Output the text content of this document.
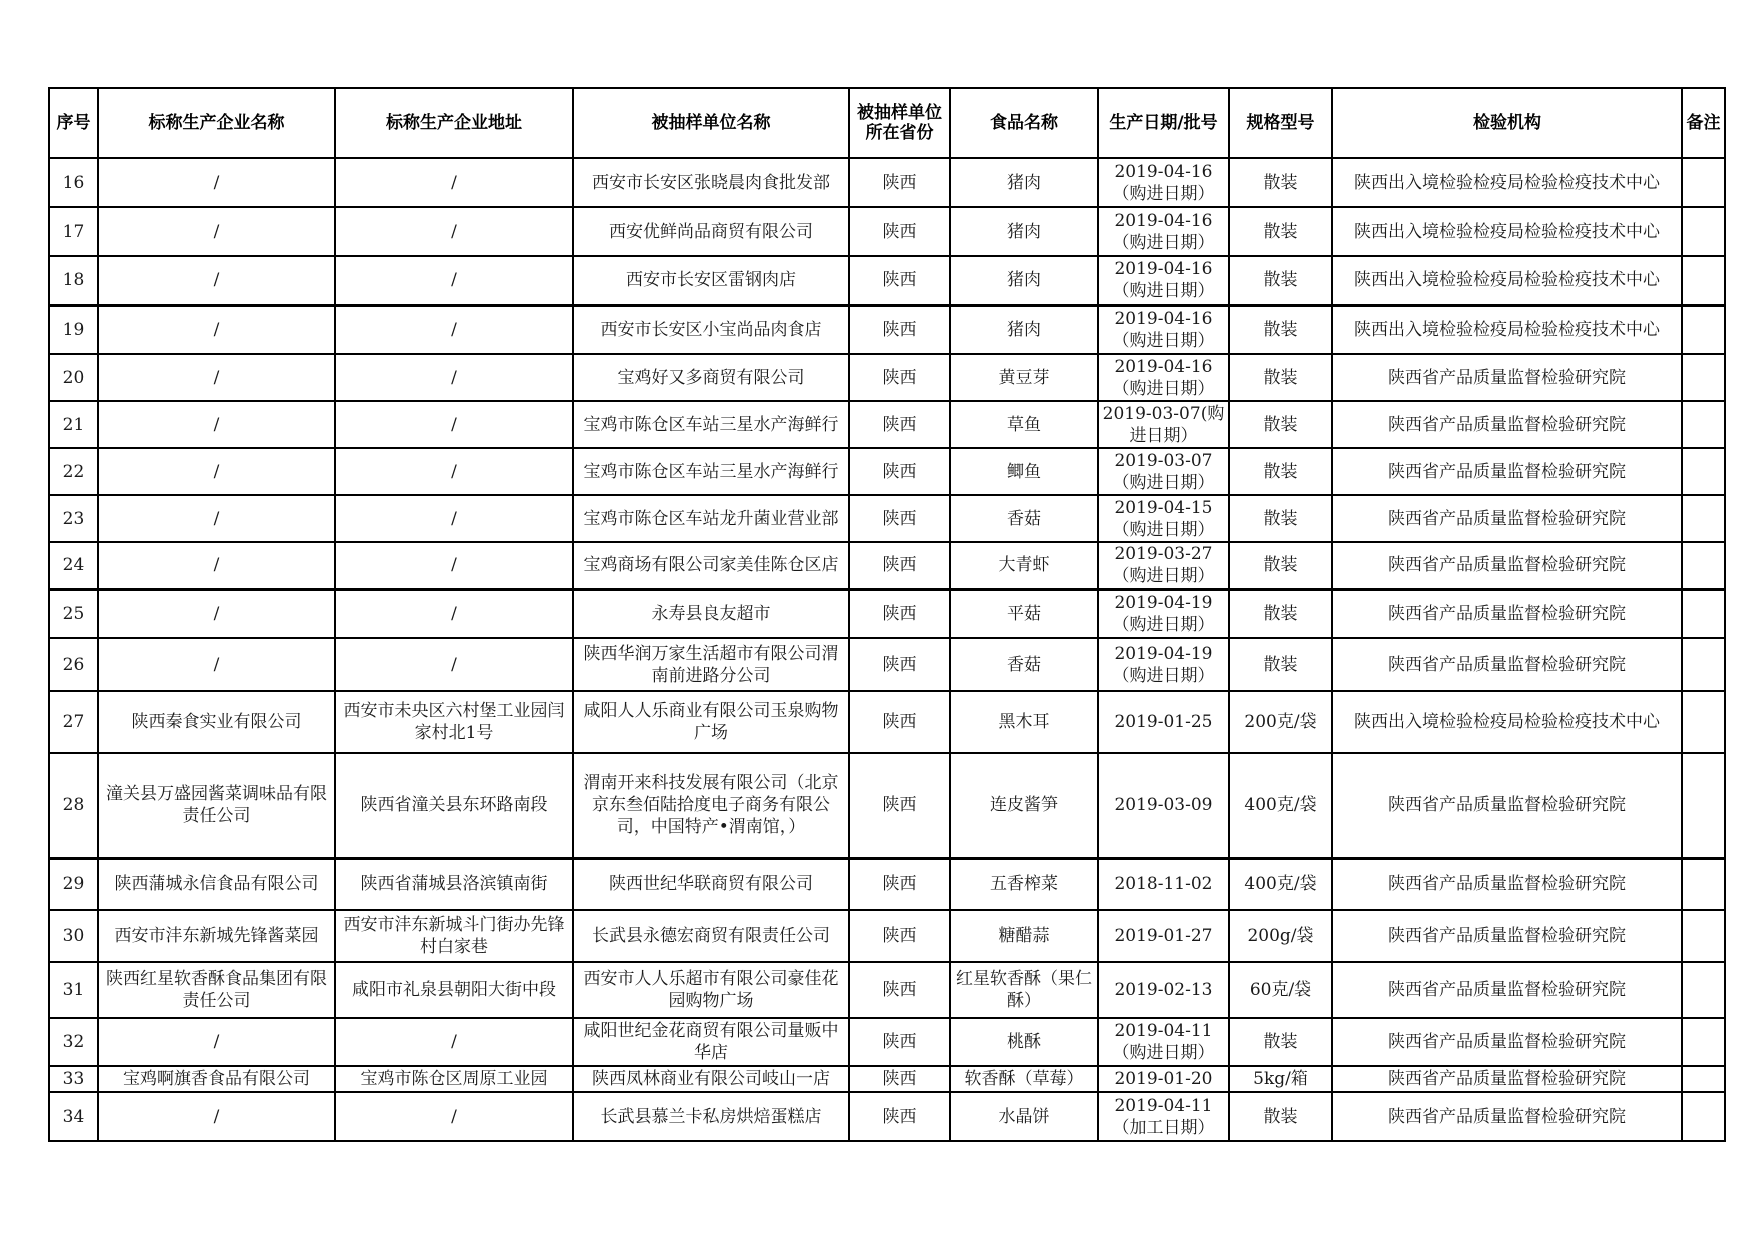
序号	标称生产企业名称	标称生产企业地址	被抽样单位名称	被抽样单位所在省份	食品名称	生产日期/批号	规格型号	检验机构	备注
16	/	/	西安市长安区张晓晨肉食批发部	陕西	猪肉	2019-04-16（购进日期）	散装	陕西出入境检验检疫局检验检疫技术中心	
17	/	/	西安优鲜尚品商贸有限公司	陕西	猪肉	2019-04-16（购进日期）	散装	陕西出入境检验检疫局检验检疫技术中心	
18	/	/	西安市长安区雷钢肉店	陕西	猪肉	2019-04-16（购进日期）	散装	陕西出入境检验检疫局检验检疫技术中心	
19	/	/	西安市长安区小宝尚品肉食店	陕西	猪肉	2019-04-16（购进日期）	散装	陕西出入境检验检疫局检验检疫技术中心	
20	/	/	宝鸡好又多商贸有限公司	陕西	黄豆芽	2019-04-16（购进日期）	散装	陕西省产品质量监督检验研究院	
21	/	/	宝鸡市陈仓区车站三星水产海鲜行	陕西	草鱼	2019-03-07(购进日期）	散装	陕西省产品质量监督检验研究院	
22	/	/	宝鸡市陈仓区车站三星水产海鲜行	陕西	鲫鱼	2019-03-07（购进日期）	散装	陕西省产品质量监督检验研究院	
23	/	/	宝鸡市陈仓区车站龙升菌业营业部	陕西	香菇	2019-04-15（购进日期）	散装	陕西省产品质量监督检验研究院	
24	/	/	宝鸡商场有限公司家美佳陈仓区店	陕西	大青虾	2019-03-27（购进日期）	散装	陕西省产品质量监督检验研究院	
25	/	/	永寿县良友超市	陕西	平菇	2019-04-19（购进日期）	散装	陕西省产品质量监督检验研究院	
26	/	/	陕西华润万家生活超市有限公司渭南前进路分公司	陕西	香菇	2019-04-19（购进日期）	散装	陕西省产品质量监督检验研究院	
27	陕西秦食实业有限公司	西安市未央区六村堡工业园闫家村北1号	咸阳人人乐商业有限公司玉泉购物广场	陕西	黑木耳	2019-01-25	200克/袋	陕西出入境检验检疫局检验检疫技术中心	
28	潼关县万盛园酱菜调味品有限责任公司	陕西省潼关县东环路南段	渭南开来科技发展有限公司（北京京东叁佰陆拾度电子商务有限公司，中国特产•渭南馆，）	陕西	连皮酱笋	2019-03-09	400克/袋	陕西省产品质量监督检验研究院	
29	陕西蒲城永信食品有限公司	陕西省蒲城县洛滨镇南街	陕西世纪华联商贸有限公司	陕西	五香榨菜	2018-11-02	400克/袋	陕西省产品质量监督检验研究院	
30	西安市沣东新城先锋酱菜园	西安市沣东新城斗门街办先锋村白家巷	长武县永德宏商贸有限责任公司	陕西	糖醋蒜	2019-01-27	200g/袋	陕西省产品质量监督检验研究院	
31	陕西红星软香酥食品集团有限责任公司	咸阳市礼泉县朝阳大街中段	西安市人人乐超市有限公司豪佳花园购物广场	陕西	红星软香酥（果仁酥）	2019-02-13	60克/袋	陕西省产品质量监督检验研究院	
32	/	/	咸阳世纪金花商贸有限公司量贩中华店	陕西	桃酥	2019-04-11（购进日期）	散装	陕西省产品质量监督检验研究院	
33	宝鸡啊旗香食品有限公司	宝鸡市陈仓区周原工业园	陕西凤林商业有限公司岐山一店	陕西	软香酥（草莓）	2019-01-20	5kg/箱	陕西省产品质量监督检验研究院	
34	/	/	长武县慕兰卡私房烘焙蛋糕店	陕西	水晶饼	2019-04-11（加工日期）	散装	陕西省产品质量监督检验研究院	
